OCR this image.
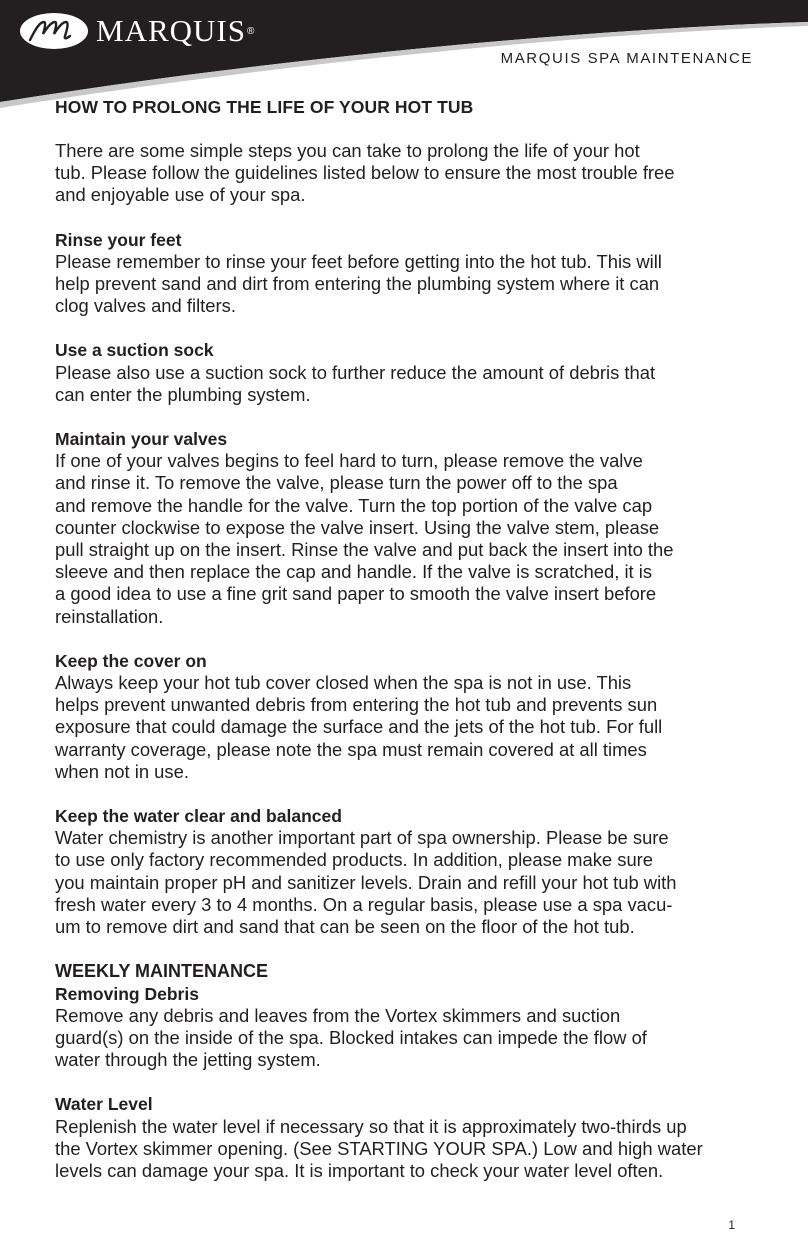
MARQUIS ®
MARQUIS SPA MAINTENANCE
HOW TO PROLONG THE LIFE OF YOUR HOT TUB

There are some simple steps you can take to prolong the life of your hot
tub. Please follow the guidelines listed below to ensure the most trouble free
and enjoyable use of your spa.

Rinse your feet

Please remember to rinse your feet before getting into the hot tub. This will
help prevent sand and dirt from entering the plumbing system where it can
clog valves and filters.

Use a suction sock

Please also use a suction sock to further reduce the amount of debris that
can enter the plumbing system.

Maintain your valves

If one of your valves begins to feel hard to turn, please remove the valve
and rinse it. To remove the valve, please turn the power off to the spa
and remove the handle for the valve. Turn the top portion of the valve cap
counter clockwise to expose the valve insert. Using the valve stem, please
pull straight up on the insert. Rinse the valve and put back the insert into the
sleeve and then replace the cap and handle. If the valve is scratched, it is
a good idea to use a fine grit sand paper to smooth the valve insert before
reinstallation.

Keep the cover on

Always keep your hot tub cover closed when the spa is not in use. This
helps prevent unwanted debris from entering the hot tub and prevents sun
exposure that could damage the surface and the jets of the hot tub. For full
warranty coverage, please note the spa must remain covered at all times
when not in use.

Keep the water clear and balanced

Water chemistry is another important part of spa ownership. Please be sure
to use only factory recommended products. In addition, please make sure
you maintain proper pH and sanitizer levels. Drain and refill your hot tub with
fresh water every 3 to 4 months. On a regular basis, please use a spa vacu-
um to remove dirt and sand that can be seen on the floor of the hot tub.

WEEKLY MAINTENANCE

Removing Debris

Remove any debris and leaves from the Vortex skimmers and suction
guard(s) on the inside of the spa. Blocked intakes can impede the flow of
water through the jetting system.

Water Level

Replenish the water level if necessary so that it is approximately two-thirds up
the Vortex skimmer opening. (See STARTING YOUR SPA.) Low and high water
levels can damage your spa. It is important to check your water level often.

1
